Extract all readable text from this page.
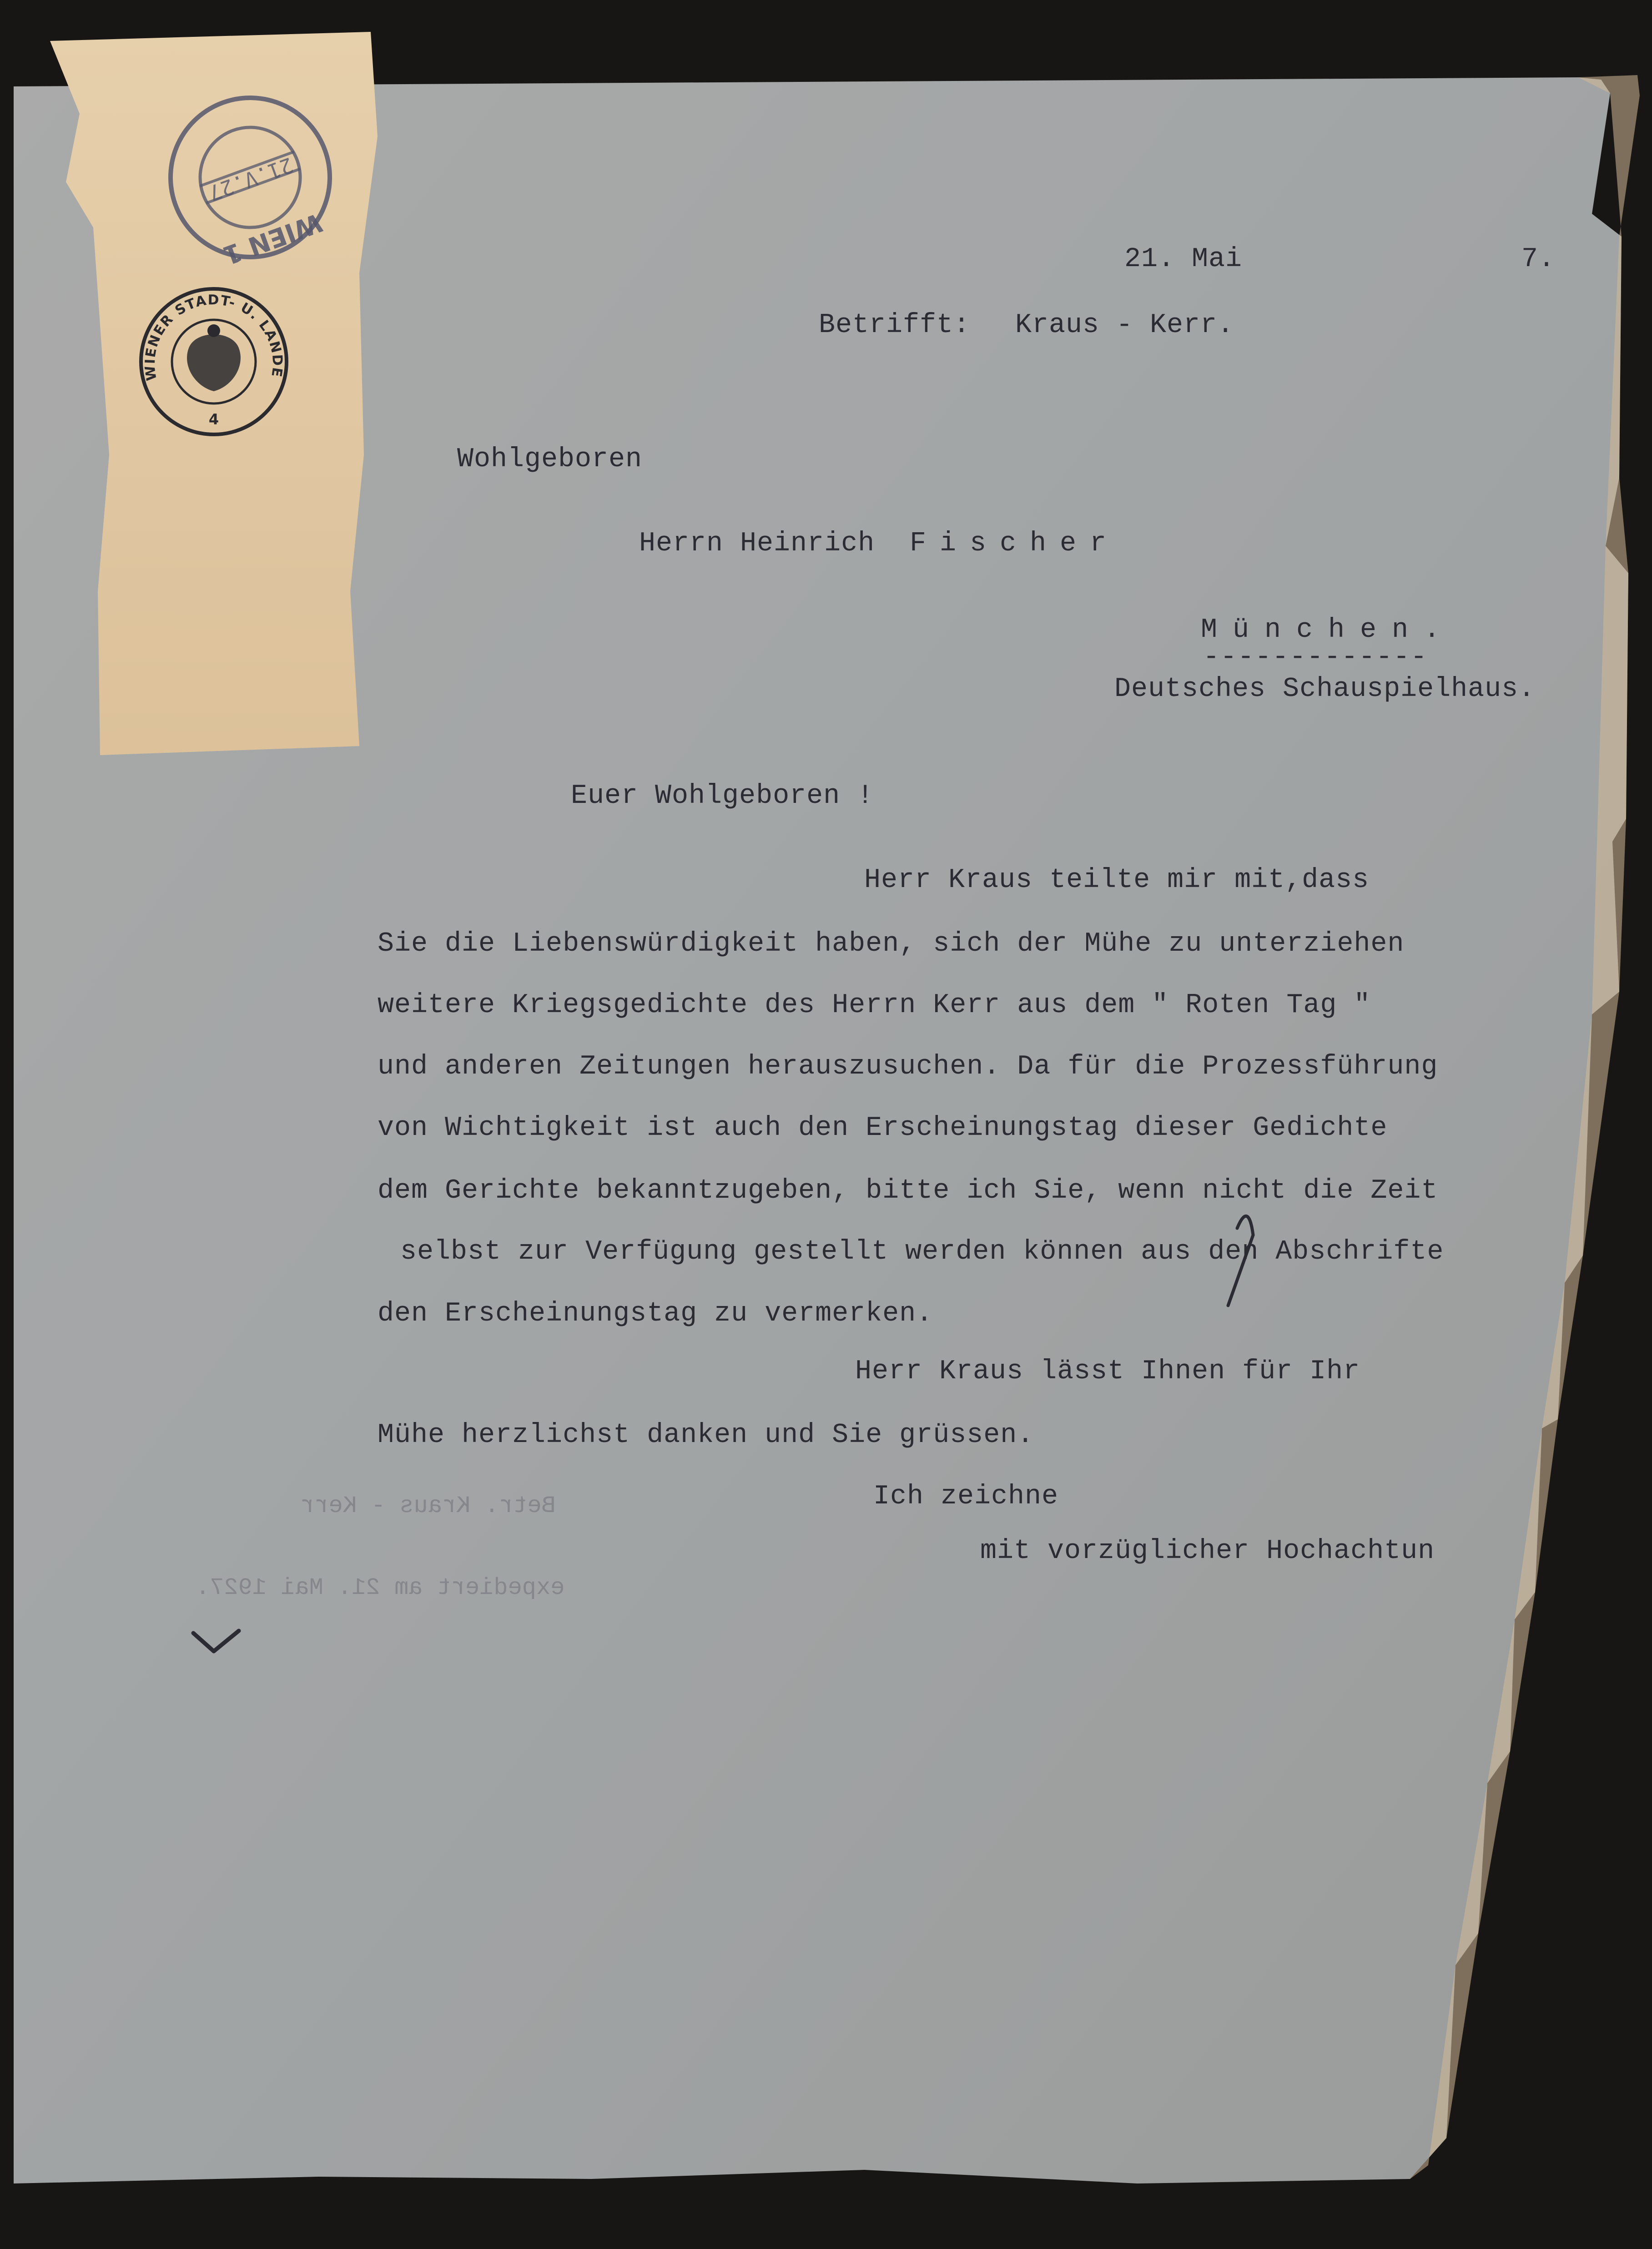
WIEN 1
21.V.27
4
WIENER STADT- U. LANDE

21. Mai	7.

Betrifft: Kraus - Kerr.

Wohlgeboren

Herrn Heinrich Fischer

München.

-------------

Deutsches Schauspielhaus.

Euer Wohlgeboren !

Herr Kraus teilte mir mit,dass

Sie die Liebenswürdigkeit haben, sich der Mühe zu unterziehen

weitere Kriegsgedichte des Herrn Kerr aus dem " Roten Tag "

und anderen Zeitungen herauszusuchen. Da für die Prozessführung

von Wichtigkeit ist auch den Erscheinungstag dieser Gedichte

dem Gerichte bekanntzugeben, bitte ich Sie, wenn nicht die Zeit

selbst zur Verfügung gestellt werden können aus den Abschrifte

den Erscheinungstag zu vermerken.

Herr Kraus lässt Ihnen für Ihr

Mühe herzlichst danken und Sie grüssen.

Ich zeichne

mit vorzüglicher Hochachtun

Betr. Kraus - Kerr

expediert am 21. Mai 1927.
